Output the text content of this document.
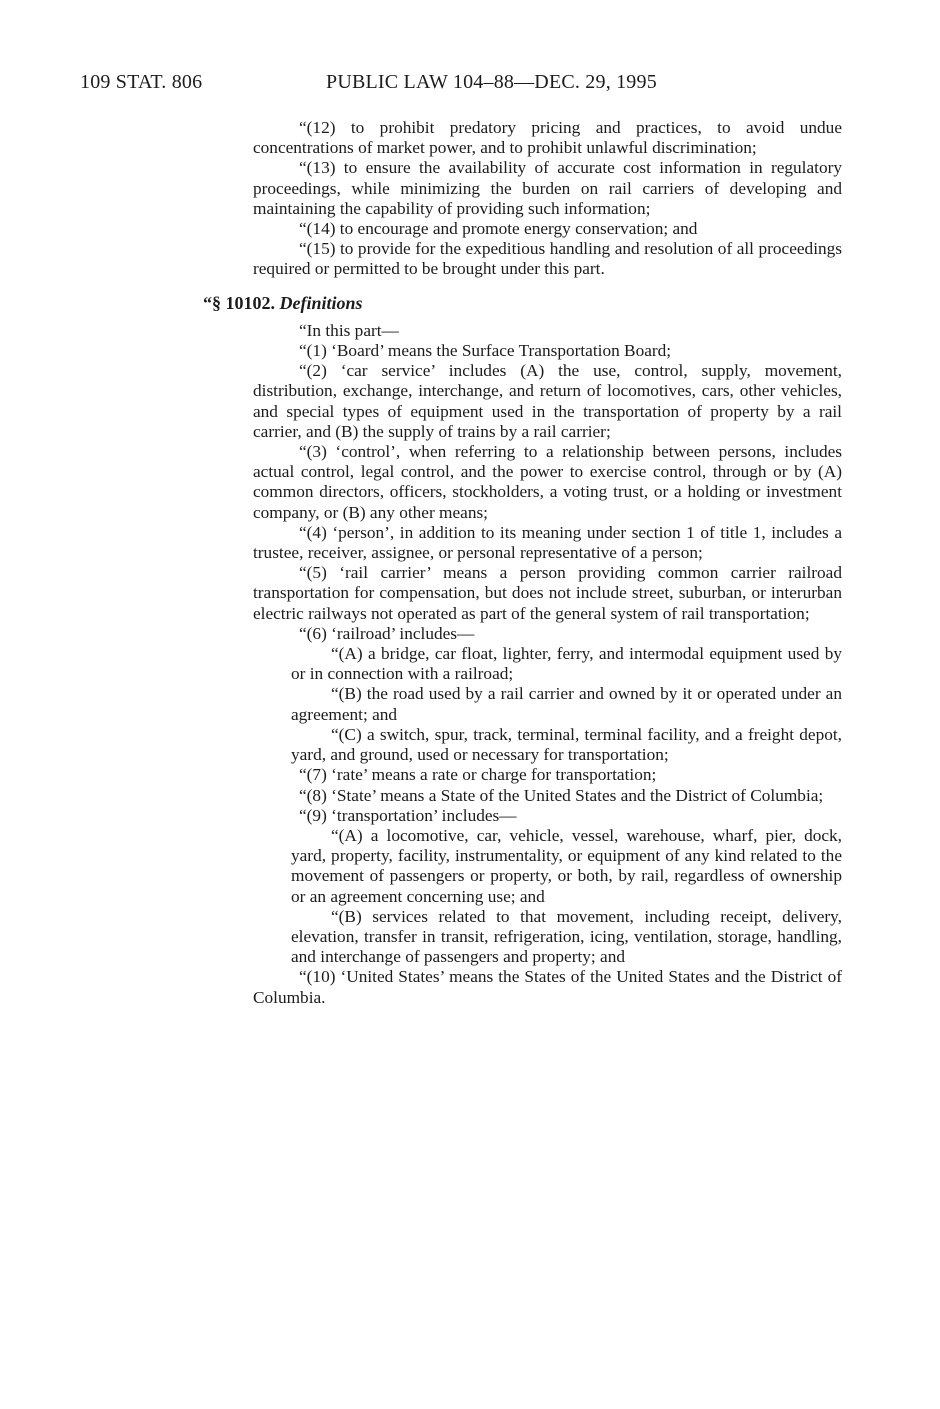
109 STAT. 806	PUBLIC LAW 104–88—DEC. 29, 1995

“(12) to prohibit predatory pricing and practices, to avoid undue concentrations of market power, and to prohibit unlawful discrimination;

“(13) to ensure the availability of accurate cost information in regulatory proceedings, while minimizing the burden on rail carriers of developing and maintaining the capability of providing such information;

“(14) to encourage and promote energy conservation; and

“(15) to provide for the expeditious handling and resolution of all proceedings required or permitted to be brought under this part.

“§ 10102. Definitions

“In this part—

“(1) ‘Board’ means the Surface Transportation Board;

“(2) ‘car service’ includes (A) the use, control, supply, movement, distribution, exchange, interchange, and return of locomotives, cars, other vehicles, and special types of equipment used in the transportation of property by a rail carrier, and (B) the supply of trains by a rail carrier;

“(3) ‘control’, when referring to a relationship between persons, includes actual control, legal control, and the power to exercise control, through or by (A) common directors, officers, stockholders, a voting trust, or a holding or investment company, or (B) any other means;

“(4) ‘person’, in addition to its meaning under section 1 of title 1, includes a trustee, receiver, assignee, or personal representative of a person;

“(5) ‘rail carrier’ means a person providing common carrier railroad transportation for compensation, but does not include street, suburban, or interurban electric railways not operated as part of the general system of rail transportation;

“(6) ‘railroad’ includes—

“(A) a bridge, car float, lighter, ferry, and intermodal equipment used by or in connection with a railroad;

“(B) the road used by a rail carrier and owned by it or operated under an agreement; and

“(C) a switch, spur, track, terminal, terminal facility, and a freight depot, yard, and ground, used or necessary for transportation;

“(7) ‘rate’ means a rate or charge for transportation;

“(8) ‘State’ means a State of the United States and the District of Columbia;

“(9) ‘transportation’ includes—

“(A) a locomotive, car, vehicle, vessel, warehouse, wharf, pier, dock, yard, property, facility, instrumentality, or equipment of any kind related to the movement of passengers or property, or both, by rail, regardless of ownership or an agreement concerning use; and

“(B) services related to that movement, including receipt, delivery, elevation, transfer in transit, refrigeration, icing, ventilation, storage, handling, and interchange of passengers and property; and

“(10) ‘United States’ means the States of the United States and the District of Columbia.
